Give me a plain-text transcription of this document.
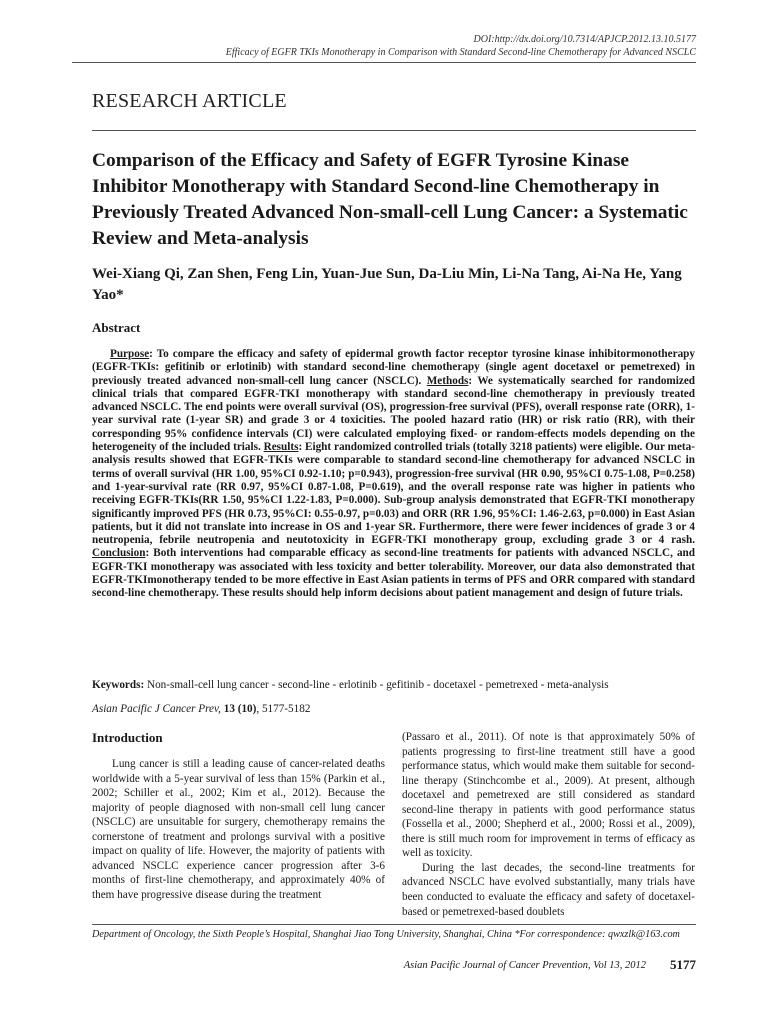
DOI:http://dx.doi.org/10.7314/APJCP.2012.13.10.5177
Efficacy of EGFR TKIs Monotherapy in Comparison with Standard Second-line Chemotherapy for Advanced NSCLC
RESEARCH ARTICLE
Comparison of the Efficacy and Safety of EGFR Tyrosine Kinase Inhibitor Monotherapy with Standard Second-line Chemotherapy in Previously Treated Advanced Non-small-cell Lung Cancer: a Systematic Review and Meta-analysis

Wei-Xiang Qi, Zan Shen, Feng Lin, Yuan-Jue Sun, Da-Liu Min, Li-Na Tang, Ai-Na He, Yang Yao*

Abstract

Purpose: To compare the efficacy and safety of epidermal growth factor receptor tyrosine kinase inhibitormonotherapy (EGFR-TKIs: gefitinib or erlotinib) with standard second-line chemotherapy (single agent docetaxel or pemetrexed) in previously treated advanced non-small-cell lung cancer (NSCLC). Methods: We systematically searched for randomized clinical trials that compared EGFR-TKI monotherapy with standard second-line chemotherapy in previously treated advanced NSCLC. The end points were overall survival (OS), progression-free survival (PFS), overall response rate (ORR), 1-year survival rate (1-year SR) and grade 3 or 4 toxicities. The pooled hazard ratio (HR) or risk ratio (RR), with their corresponding 95% confidence intervals (CI) were calculated employing fixed- or random-effects models depending on the heterogeneity of the included trials. Results: Eight randomized controlled trials (totally 3218 patients) were eligible. Our meta-analysis results showed that EGFR-TKIs were comparable to standard second-line chemotherapy for advanced NSCLC in terms of overall survival (HR 1.00, 95%CI 0.92-1.10; p=0.943), progression-free survival (HR 0.90, 95%CI 0.75-1.08, P=0.258) and 1-year-survival rate (RR 0.97, 95%CI 0.87-1.08, P=0.619), and the overall response rate was higher in patients who receiving EGFR-TKIs(RR 1.50, 95%CI 1.22-1.83, P=0.000). Sub-group analysis demonstrated that EGFR-TKI monotherapy significantly improved PFS (HR 0.73, 95%CI: 0.55-0.97, p=0.03) and ORR (RR 1.96, 95%CI: 1.46-2.63, p=0.000) in East Asian patients, but it did not translate into increase in OS and 1-year SR. Furthermore, there were fewer incidences of grade 3 or 4 neutropenia, febrile neutropenia and neutotoxicity in EGFR-TKI monotherapy group, excluding grade 3 or 4 rash. Conclusion: Both interventions had comparable efficacy as second-line treatments for patients with advanced NSCLC, and EGFR-TKI monotherapy was associated with less toxicity and better tolerability. Moreover, our data also demonstrated that EGFR-TKImonotherapy tended to be more effective in East Asian patients in terms of PFS and ORR compared with standard second-line chemotherapy. These results should help inform decisions about patient management and design of future trials.

Keywords: Non-small-cell lung cancer - second-line - erlotinib - gefitinib - docetaxel - pemetrexed - meta-analysis

Asian Pacific J Cancer Prev, 13 (10), 5177-5182

Introduction

Lung cancer is still a leading cause of cancer-related deaths worldwide with a 5-year survival of less than 15% (Parkin et al., 2002; Schiller et al., 2002; Kim et al., 2012). Because the majority of people diagnosed with non-small cell lung cancer (NSCLC) are unsuitable for surgery, chemotherapy remains the cornerstone of treatment and prolongs survival with a positive impact on quality of life. However, the majority of patients with advanced NSCLC experience cancer progression after 3-6 months of first-line chemotherapy, and approximately 40% of them have progressive disease during the treatment

(Passaro et al., 2011). Of note is that approximately 50% of patients progressing to first-line treatment still have a good performance status, which would make them suitable for second-line therapy (Stinchcombe et al., 2009). At present, although docetaxel and pemetrexed are still considered as standard second-line therapy in patients with good performance status (Fossella et al., 2000; Shepherd et al., 2000; Rossi et al., 2009), there is still much room for improvement in terms of efficacy as well as toxicity.

During the last decades, the second-line treatments for advanced NSCLC have evolved substantially, many trials have been conducted to evaluate the efficacy and safety of docetaxel-based or pemetrexed-based doublets

Department of Oncology, the Sixth People’s Hospital, Shanghai Jiao Tong University, Shanghai, China *For correspondence: qwxzlk@163.com

Asian Pacific Journal of Cancer Prevention, Vol 13, 2012 5177
